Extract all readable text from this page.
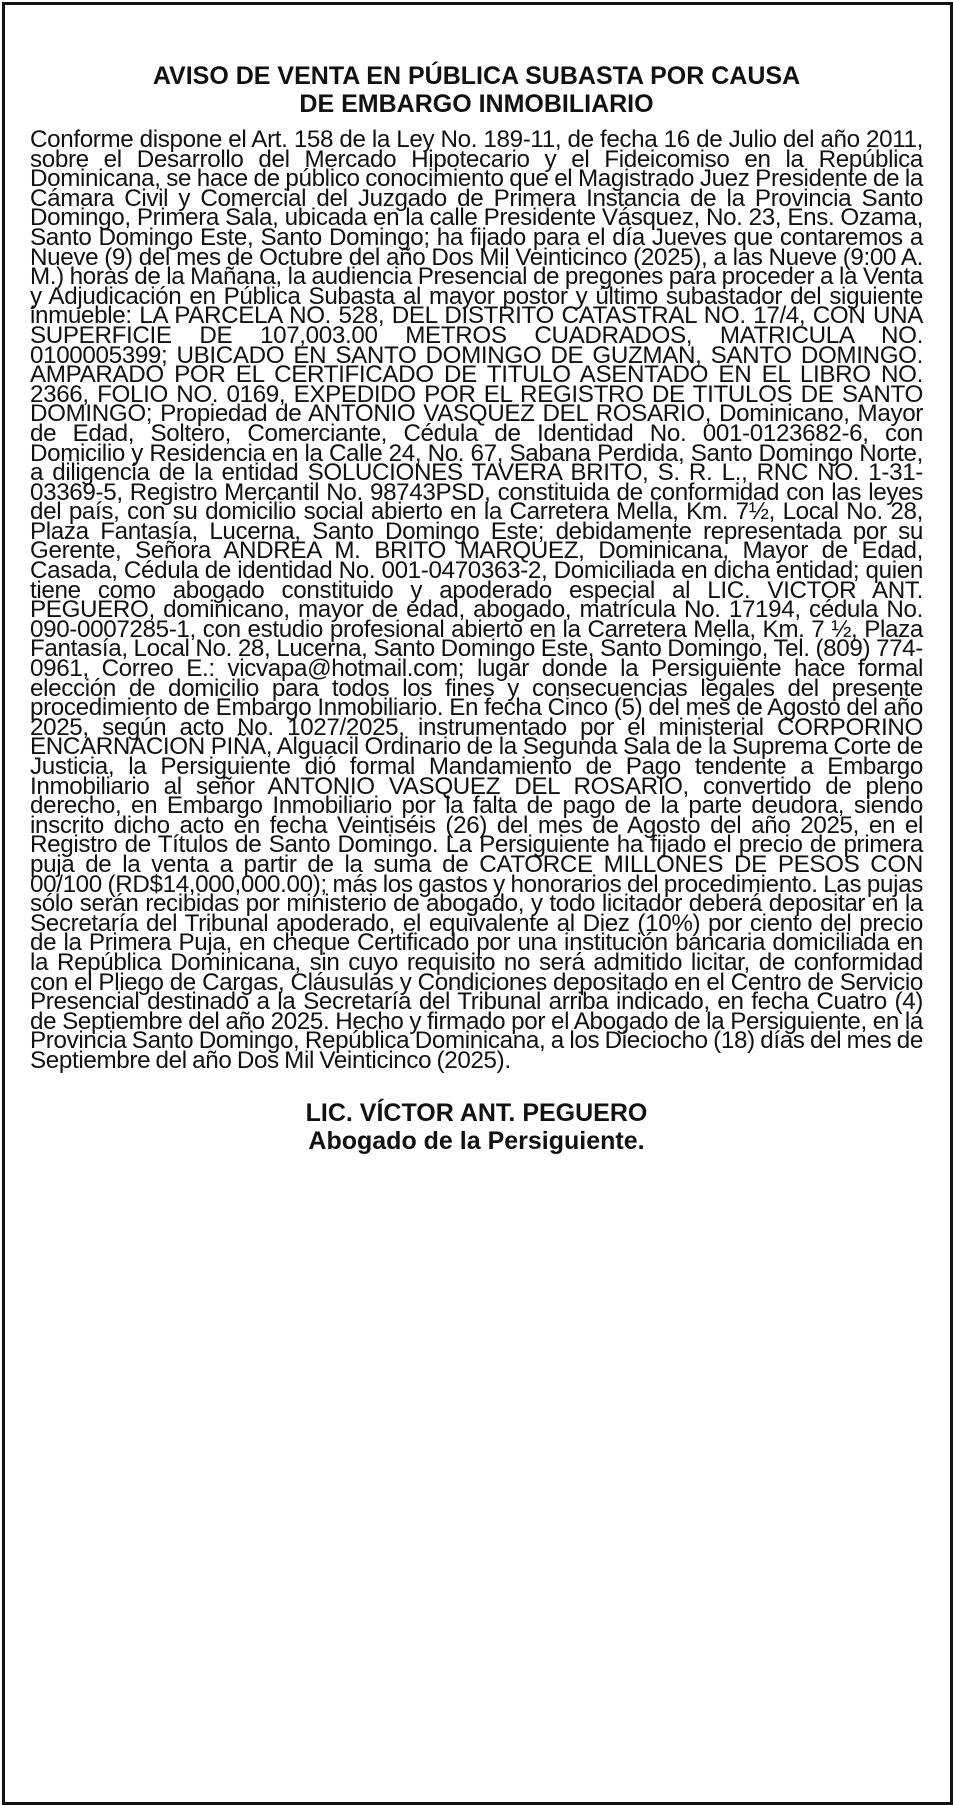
AVISO DE VENTA EN PÚBLICA SUBASTA POR CAUSA
DE EMBARGO INMOBILIARIO

Conforme dispone el Art. 158 de la Ley No. 189-11, de fecha 16 de Julio del año 2011, sobre el Desarrollo del Mercado Hipotecario y el Fideicomiso en la República Dominicana, se hace de público conocimiento que el Magistrado Juez Presidente de la Cámara Civil y Comercial del Juzgado de Primera Instancia de la Provincia Santo Domingo, Primera Sala, ubicada en la calle Presidente Vásquez, No. 23, Ens. Ozama, Santo Domingo Este, Santo Domingo; ha fijado para el día Jueves que contaremos a Nueve (9) del mes de Octubre del año Dos Mil Veinticinco (2025), a las Nueve (9:00 A. M.) horas de la Mañana, la audiencia Presencial de pregones para proceder a la Venta y Adjudicación en Pública Subasta al mayor postor y último subastador del siguiente inmueble: LA PARCELA NO. 528, DEL DISTRITO CATASTRAL NO. 17/4, CON UNA SUPERFICIE DE 107,003.00 METROS CUADRADOS, MATRICULA NO. 0100005399; UBICADO EN SANTO DOMINGO DE GUZMAN, SANTO DOMINGO. AMPARADO POR EL CERTIFICADO DE TITULO ASENTADO EN EL LIBRO NO. 2366, FOLIO NO. 0169, EXPEDIDO POR EL REGISTRO DE TITULOS DE SANTO DOMINGO; Propiedad de ANTONIO VASQUEZ DEL ROSARIO, Dominicano, Mayor de Edad, Soltero, Comerciante, Cédula de Identidad No. 001-0123682-6, con Domicilio y Residencia en la Calle 24, No. 67, Sabana Perdida, Santo Domingo Norte, a diligencia de la entidad SOLUCIONES TAVERA BRITO, S. R. L., RNC NO. 1-31-03369-5, Registro Mercantil No. 98743PSD, constituida de conformidad con las leyes del país, con su domicilio social abierto en la Carretera Mella, Km. 7½, Local No. 28, Plaza Fantasía, Lucerna, Santo Domingo Este; debidamente representada por su Gerente, Señora ANDREA M. BRITO MARQUEZ, Dominicana, Mayor de Edad, Casada, Cédula de identidad No. 001-0470363-2, Domiciliada en dicha entidad; quien tiene como abogado constituido y apoderado especial al LIC. VICTOR ANT. PEGUERO, dominicano, mayor de edad, abogado, matrícula No. 17194, cédula No. 090-0007285-1, con estudio profesional abierto en la Carretera Mella, Km. 7 ½, Plaza Fantasía, Local No. 28, Lucerna, Santo Domingo Este, Santo Domingo, Tel. (809) 774-0961, Correo E.: vicvapa@hotmail.com; lugar donde la Persiguiente hace formal elección de domicilio para todos los fines y consecuencias legales del presente procedimiento de Embargo Inmobiliario. En fecha Cinco (5) del mes de Agosto del año 2025, según acto No. 1027/2025, instrumentado por el ministerial CORPORINO ENCARNACION PIÑA, Alguacil Ordinario de la Segunda Sala de la Suprema Corte de Justicia, la Persiguiente dió formal Mandamiento de Pago tendente a Embargo Inmobiliario al señor ANTONIO VASQUEZ DEL ROSARIO, convertido de pleno derecho, en Embargo Inmobiliario por la falta de pago de la parte deudora, siendo inscrito dicho acto en fecha Veintiséis (26) del mes de Agosto del año 2025, en el Registro de Títulos de Santo Domingo. La Persiguiente ha fijado el precio de primera puja de la venta a partir de la suma de CATORCE MILLONES DE PESOS CON 00/100 (RD$14,000,000.00); más los gastos y honorarios del procedimiento. Las pujas sólo serán recibidas por ministerio de abogado, y todo licitador deberá depositar en la Secretaría del Tribunal apoderado, el equivalente al Diez (10%) por ciento del precio de la Primera Puja, en cheque Certificado por una institución bancaria domiciliada en la República Dominicana, sin cuyo requisito no será admitido licitar, de conformidad con el Pliego de Cargas, Cláusulas y Condiciones depositado en el Centro de Servicio Presencial destinado a la Secretaría del Tribunal arriba indicado, en fecha Cuatro (4) de Septiembre del año 2025. Hecho y firmado por el Abogado de la Persiguiente, en la Provincia Santo Domingo, República Dominicana, a los Dieciocho (18) días del mes de Septiembre del año Dos Mil Veinticinco (2025).

LIC. VÍCTOR ANT. PEGUERO
Abogado de la Persiguiente.
